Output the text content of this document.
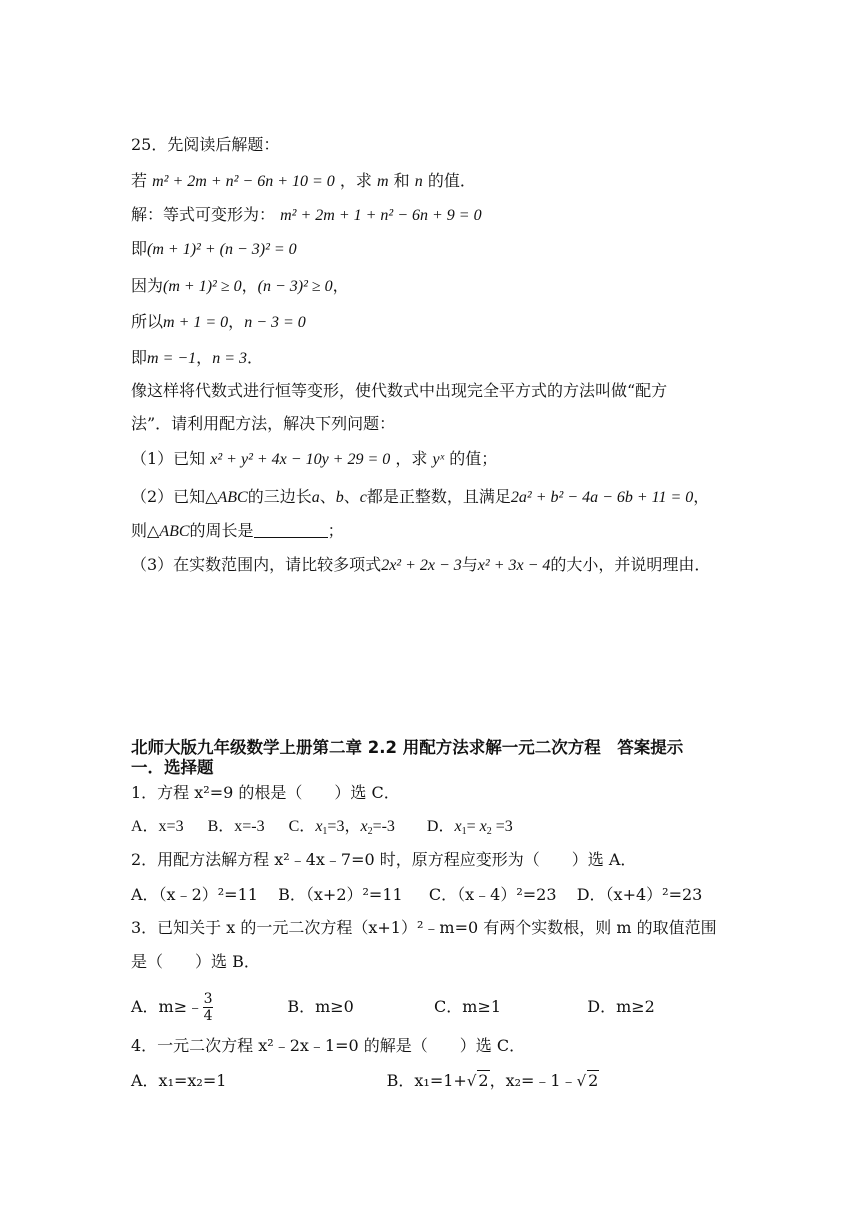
25．先阅读后解题：
若 m² + 2m + n² − 6n + 10 = 0 ，求 m 和 n 的值．
解：等式可变形为： m² + 2m + 1 + n² − 6n + 9 = 0
即(m + 1)² + (n − 3)² = 0
因为(m + 1)² ≥ 0，(n − 3)² ≥ 0，
所以m + 1 = 0，n − 3 = 0
即m = −1，n = 3．
像这样将代数式进行恒等变形，使代数式中出现完全平方式的方法叫做“配方
法”．请利用配方法，解决下列问题：
（1）已知 x² + y² + 4x − 10y + 29 = 0 ，求 yˣ 的值；
（2）已知△ABC的三边长a、b、c都是正整数，且满足2a² + b² − 4a − 6b + 11 = 0，
则△ABC的周长是	；
（3）在实数范围内，请比较多项式2x² + 2x − 3与x² + 3x − 4的大小，并说明理由．
北师大版九年级数学上册第二章 2.2 用配方法求解一元二次方程　答案提示
一．选择题
1．方程 x²=9 的根是（　　）选 C．
A．x=3 B．x=-3 C．$x_1=3$，$x_2=-3$ D．$x_1= x_2 =3$
2．用配方法解方程 x²﹣4x﹣7=0 时，原方程应变形为（　　）选 A．
A．（x﹣2）²=11 B．（x+2）²=11 C．（x﹣4）²=23 D．（x+4）²=23
3．已知关于 x 的一元二次方程（x+1）²﹣m=0 有两个实数根，则 m 的取值范围
是（　　）选 B．
A．m≥﹣ $\frac{3}{4}$	B．m≥0	C．m≥1	D．m≥2
4．一元二次方程 x²﹣2x﹣1=0 的解是（　　）选 C．
A．x₁=x₂=1	B．x₁=1+√ 2，x₂=﹣1﹣√ 2
